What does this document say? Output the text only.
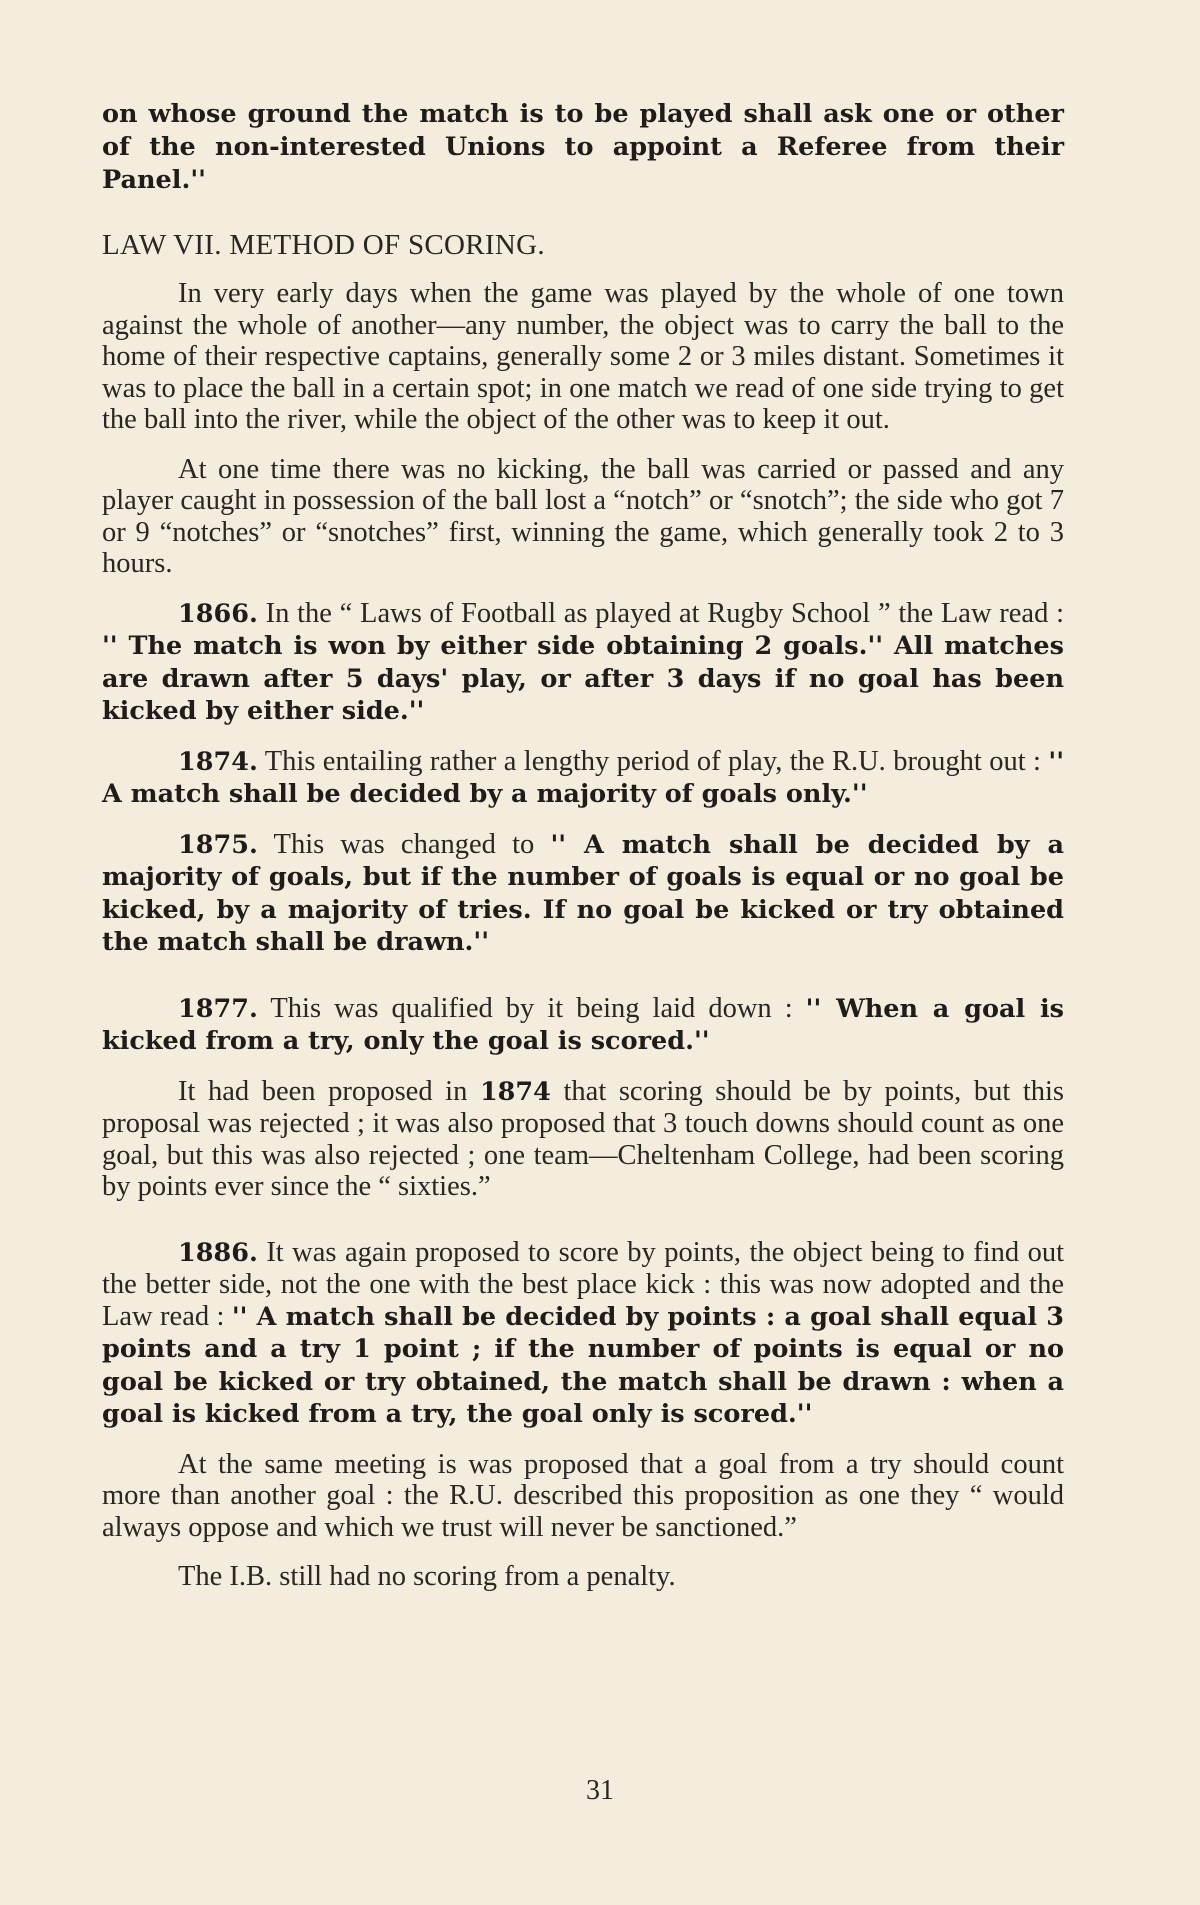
on whose ground the match is to be played shall ask one or other of the non-interested Unions to appoint a Referee from their Panel.''

LAW VII. METHOD OF SCORING.

In very early days when the game was played by the whole of one town against the whole of another—any number, the object was to carry the ball to the home of their respective captains, generally some 2 or 3 miles distant. Sometimes it was to place the ball in a certain spot; in one match we read of one side trying to get the ball into the river, while the object of the other was to keep it out.

At one time there was no kicking, the ball was carried or passed and any player caught in possession of the ball lost a “notch” or “snotch”; the side who got 7 or 9 “notches” or “snotches” first, winning the game, which generally took 2 to 3 hours.

1866. In the “ Laws of Football as played at Rugby School ” the Law read : '' The match is won by either side obtaining 2 goals.'' All matches are drawn after 5 days' play, or after 3 days if no goal has been kicked by either side.''

1874. This entailing rather a lengthy period of play, the R.U. brought out : '' A match shall be decided by a majority of goals only.''

1875. This was changed to '' A match shall be decided by a majority of goals, but if the number of goals is equal or no goal be kicked, by a majority of tries. If no goal be kicked or try obtained the match shall be drawn.''

1877. This was qualified by it being laid down : '' When a goal is kicked from a try, only the goal is scored.''

It had been proposed in 1874 that scoring should be by points, but this proposal was rejected ; it was also proposed that 3 touch downs should count as one goal, but this was also rejected ; one team—Cheltenham College, had been scoring by points ever since the “ sixties.”

1886. It was again proposed to score by points, the object being to find out the better side, not the one with the best place kick : this was now adopted and the Law read : '' A match shall be decided by points : a goal shall equal 3 points and a try 1 point ; if the number of points is equal or no goal be kicked or try obtained, the match shall be drawn : when a goal is kicked from a try, the goal only is scored.''

At the same meeting is was proposed that a goal from a try should count more than another goal : the R.U. described this proposition as one they “ would always oppose and which we trust will never be sanctioned.”

The I.B. still had no scoring from a penalty.

31
